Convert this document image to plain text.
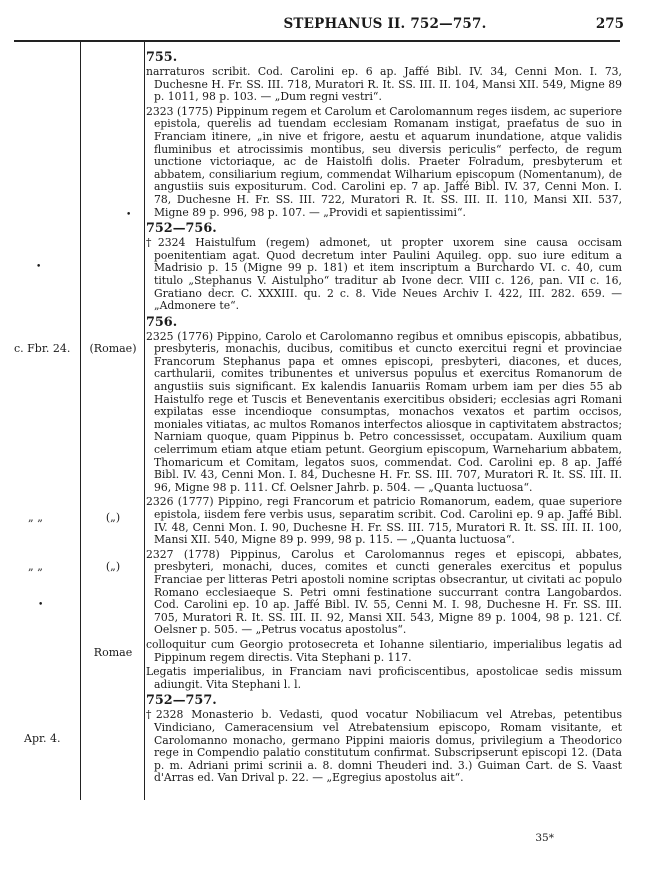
STEPHANUS II. 752—757.	275
c. Fbr. 24.
„ „
„ „
Apr. 4.
(Romae)
(„)
(„)
Romae
•
•
•
755.
narraturos scribit. Cod. Carolini ep. 6 ap. Jaffé Bibl. IV. 34, Cenni Mon. I. 73, Duchesne H. Fr. SS. III. 718, Muratori R. It. SS. III. II. 104, Mansi XII. 549, Migne 89 p. 1011, 98 p. 103. — „Dum regni vestri“.
2323 (1775) Pippinum regem et Carolum et Carolomannum reges iisdem, ac superiore epistola, querelis ad tuendam ecclesiam Romanam instigat, praefatus de suo in Franciam itinere, „in nive et frigore, aestu et aquarum inundatione, atque validis fluminibus et atrocissimis montibus, seu diversis periculis“ perfecto, de regum unctione victoriaque, ac de Haistolfi dolis. Praeter Folradum, presbyterum et abbatem, consiliarium regium, commendat Wilharium episcopum (Nomentanum), de angustiis suis expositurum. Cod. Carolini ep. 7 ap. Jaffé Bibl. IV. 37, Cenni Mon. I. 78, Duchesne H. Fr. SS. III. 722, Muratori R. It. SS. III. II. 110, Mansi XII. 537, Migne 89 p. 996, 98 p. 107. — „Providi et sapientissimi“.
752—756.
†2324 Haistulfum (regem) admonet, ut propter uxorem sine causa occisam poenitentiam agat. Quod decretum inter Paulini Aquileg. opp. suo iure editum a Madrisio p. 15 (Migne 99 p. 181) et item inscriptum a Burchardo VI. c. 40, cum titulo „Stephanus V. Aistulpho“ traditur ab Ivone decr. VIII c. 126, pan. VII c. 16, Gratiano decr. C. XXXIII. qu. 2 c. 8. Vide Neues Archiv I. 422, III. 282. 659. — „Admonere te“.
756.
2325 (1776) Pippino, Carolo et Carolomanno regibus et omnibus episcopis, abbatibus, presbyteris, monachis, ducibus, comitibus et cuncto exercitui regni et provinciae Francorum Stephanus papa et omnes episcopi, presbyteri, diacones, et duces, carthularii, comites tribunentes et universus populus et exercitus Romanorum de angustiis suis significant. Ex kalendis Ianuariis Romam urbem iam per dies 55 ab Haistulfo rege et Tuscis et Beneventanis exercitibus obsideri; ecclesias agri Romani expilatas esse incendioque consumptas, monachos vexatos et partim occisos, moniales vitiatas, ac multos Romanos interfectos aliosque in captivitatem abstractos; Narniam quoque, quam Pippinus b. Petro concessisset, occupatam. Auxilium quam celerrimum etiam atque etiam petunt. Georgium episcopum, Warneharium abbatem, Thomaricum et Comitam, legatos suos, commendat. Cod. Carolini ep. 8 ap. Jaffé Bibl. IV. 43, Cenni Mon. I. 84, Duchesne H. Fr. SS. III. 707, Muratori R. It. SS. III. II. 96, Migne 98 p. 111. Cf. Oelsner Jahrb. p. 504. — „Quanta luctuosa“.
2326 (1777) Pippino, regi Francorum et patricio Romanorum, eadem, quae superiore epistola, iisdem fere verbis usus, separatim scribit. Cod. Carolini ep. 9 ap. Jaffé Bibl. IV. 48, Cenni Mon. I. 90, Duchesne H. Fr. SS. III. 715, Muratori R. It. SS. III. II. 100, Mansi XII. 540, Migne 89 p. 999, 98 p. 115. — „Quanta luctuosa“.
2327 (1778) Pippinus, Carolus et Carolomannus reges et episcopi, abbates, presbyteri, monachi, duces, comites et cuncti generales exercitus et populus Franciae per litteras Petri apostoli nomine scriptas obsecrantur, ut civitati ac populo Romano ecclesiaeque S. Petri omni festinatione succurrant contra Langobardos. Cod. Carolini ep. 10 ap. Jaffé Bibl. IV. 55, Cenni M. I. 98, Duchesne H. Fr. SS. III. 705, Muratori R. It. SS. III. II. 92, Mansi XII. 543, Migne 89 p. 1004, 98 p. 121. Cf. Oelsner p. 505. — „Petrus vocatus apostolus“.
colloquitur cum Georgio protosecreta et Iohanne silentiario, imperialibus legatis ad Pippinum regem directis. Vita Stephani p. 117.
Legatis imperialibus, in Franciam navi proficiscentibus, apostolicae sedis missum adiungit. Vita Stephani l. l.
752—757.
†2328 Monasterio b. Vedasti, quod vocatur Nobiliacum vel Atrebas, petentibus Vindiciano, Cameracensium vel Atrebatensium episcopo, Romam visitante, et Carolomanno monacho, germano Pippini maioris domus, privilegium a Theodorico rege in Compendio palatio constitutum confirmat. Subscripserunt episcopi 12. (Data p. m. Adriani primi scrinii a. 8. domni Theuderi ind. 3.) Guiman Cart. de S. Vaast d'Arras ed. Van Drival p. 22. — „Egregius apostolus ait“.
35*
